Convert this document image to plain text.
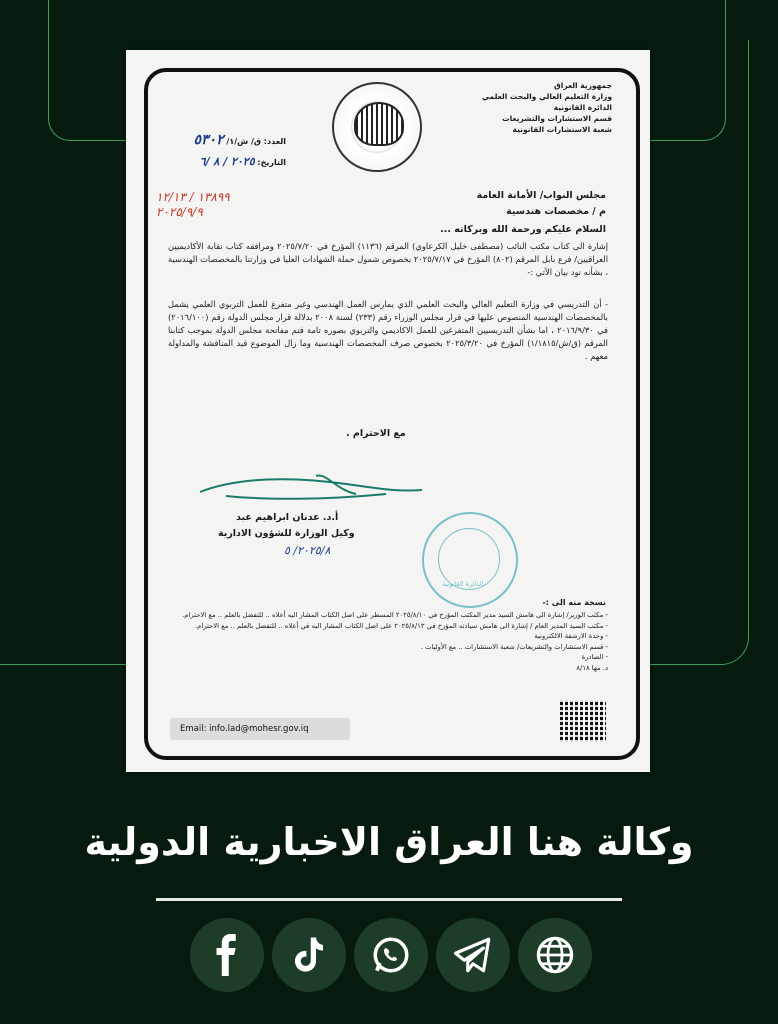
جمهورية العراق
وزارة التعليم العالي والبحث العلمي
الدائرة القانونية
قسم الاستشارات والتشريعات
شعبة الاستشارات القانونية
العدد: ق/ ش/١/ ٥٣٠٢
التاريخ: ٢٠٢٥ / ٨ /٦
١٣٨٩٩ / ١٢/١٣
٢٠٢٥/٩/٩
مجلس النواب/ الأمانة العامة
م / مخصصات هندسية
السلام عليكم ورحمة الله وبركاته ...
إشارة الى كتاب مكتب النائب (مصطفى خليل الكرعاوي) المرقم (١١٣٦) المؤرخ في ٢٠٢٥/٧/٢٠ ومرافقه كتاب نقابة الأكاديميين العراقيين/ فرع بابل المرقم (٨٠٢) المؤرخ في ٢٠٢٥/٧/١٧ بخصوص شمول حملة الشهادات العليا في وزارتنا بالمخصصات الهندسية ، بشأنه نود بيان الآتي :-
- أن التدريسي في وزارة التعليم العالي والبحث العلمي الذي يمارس العمل الهندسي وغير متفرغ للعمل التربوي العلمي يشمل بالمخصصات الهندسية المنصوص عليها في قرار مجلس الوزراء رقم (٢٣٣) لسنة ٢٠٠٨ بدلالة قرار مجلس الدولة رقم (٢٠١٦/١٠٠) في ٢٠١٦/٩/٣٠ ، اما بشأن التدريسيين المتفرغين للعمل الاكاديمي والتربوي بصوره تامة فتم مفاتحة مجلس الدولة بموجب كتابنا المرقم (ق/ش/١/١٨١٥) المؤرخ في ٢٠٢٥/٣/٢٠ بخصوص صرف المخصصات الهندسية وما زال الموضوع قيد المناقشة والمداولة معهم .
مع الاحترام .
أ.د. عدنان ابراهيم عبد
وكيل الوزارة للشؤون الادارية
٢٠٢٥/٨/ ٥
الدائرة القانونية
نسخة منه الى :-
- مكتب الوزير/ إشارة الى هامش السيد مدير المكتب المؤرخ في ٢٠٢٥/٨/١٠ المسطر على اصل الكتاب المشار اليه أعلاه .. للتفضل بالعلم .. مع الاحترام.
- مكتب السيد المدير العام / إشارة الى هامش سيادته المؤرخ في ٢٠٢٥/٨/١٣ على اصل الكتاب المشار اليه في أعلاه .. للتفضل بالعلم .. مع الاحترام.
- وحدة الارشفة الالكترونية
- قسم الاستشارات والتشريعات/ شعبة الاستشارات .. مع الأوليات .
- الصادرة
د. مها ٨/١٨
Email: info.lad@mohesr.gov.iq
وكالة هنا العراق الاخبارية الدولية
